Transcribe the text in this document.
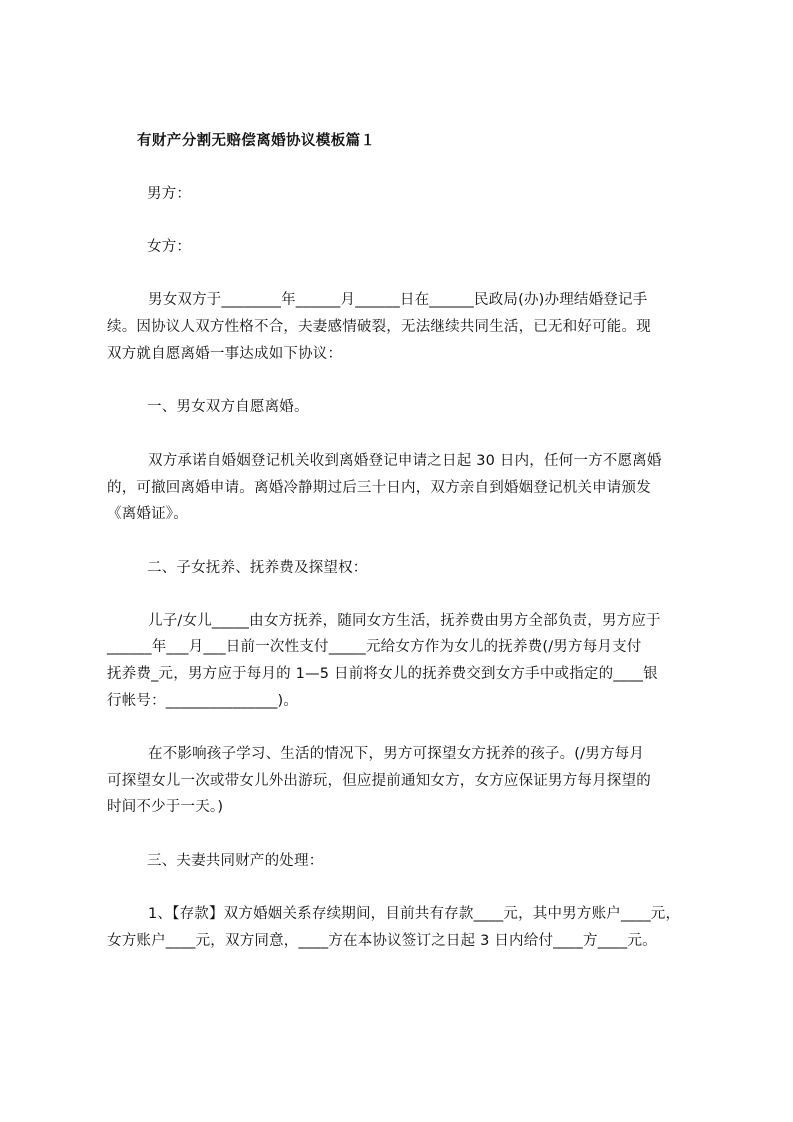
有财产分割无赔偿离婚协议模板篇１
男方：
女方：
男女双方于________年______月______日在______民政局(办)办理结婚登记手
续。因协议人双方性格不合，夫妻感情破裂，无法继续共同生活，已无和好可能。现
双方就自愿离婚一事达成如下协议：
一、男女双方自愿离婚。
双方承诺自婚姻登记机关收到离婚登记申请之日起 30 日内，任何一方不愿离婚
的，可撤回离婚申请。离婚冷静期过后三十日内，双方亲自到婚姻登记机关申请颁发
《离婚证》。
二、子女抚养、抚养费及探望权：
儿子/女儿_____由女方抚养，随同女方生活，抚养费由男方全部负责，男方应于
______年___月___日前一次性支付_____元给女方作为女儿的抚养费(/男方每月支付
抚养费_元，男方应于每月的 1—5 日前将女儿的抚养费交到女方手中或指定的____银
行帐号：_______________)。
在不影响孩子学习、生活的情况下，男方可探望女方抚养的孩子。(/男方每月
可探望女儿一次或带女儿外出游玩，但应提前通知女方，女方应保证男方每月探望的
时间不少于一天。)
三、夫妻共同财产的处理：
1、【存款】双方婚姻关系存续期间，目前共有存款____元，其中男方账户____元，
女方账户____元，双方同意，____方在本协议签订之日起 3 日内给付____方____元。
